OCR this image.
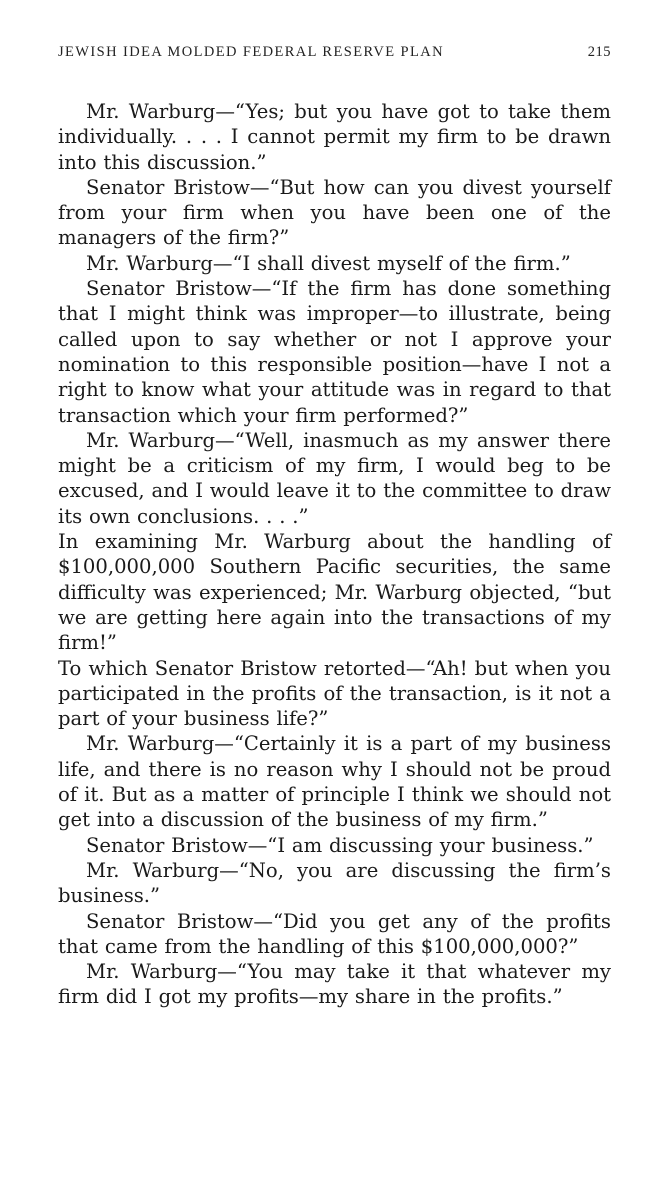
JEWISH IDEA MOLDED FEDERAL RESERVE PLAN	215

Mr. Warburg—“Yes; but you have got to take them individually. . . . I cannot permit my firm to be drawn into this discussion.”

Senator Bristow—“But how can you divest yourself from your firm when you have been one of the managers of the firm?”

Mr. Warburg—“I shall divest myself of the firm.”

Senator Bristow—“If the firm has done something that I might think was improper—to illustrate, being called upon to say whether or not I approve your nomination to this responsible position—have I not a right to know what your attitude was in regard to that transaction which your firm performed?”

Mr. Warburg—“Well, inasmuch as my answer there might be a criticism of my firm, I would beg to be excused, and I would leave it to the committee to draw its own conclusions. . . .”

In examining Mr. Warburg about the handling of $100,000,000 Southern Pacific securities, the same difficulty was experienced; Mr. Warburg objected, “but we are getting here again into the transactions of my firm!”

To which Senator Bristow retorted—“Ah! but when you participated in the profits of the transaction, is it not a part of your business life?”

Mr. Warburg—“Certainly it is a part of my business life, and there is no reason why I should not be proud of it. But as a matter of principle I think we should not get into a discussion of the business of my firm.”

Senator Bristow—“I am discussing your business.”

Mr. Warburg—“No, you are discussing the firm’s business.”

Senator Bristow—“Did you get any of the profits that came from the handling of this $100,000,000?”

Mr. Warburg—“You may take it that whatever my firm did I got my profits—my share in the profits.”
